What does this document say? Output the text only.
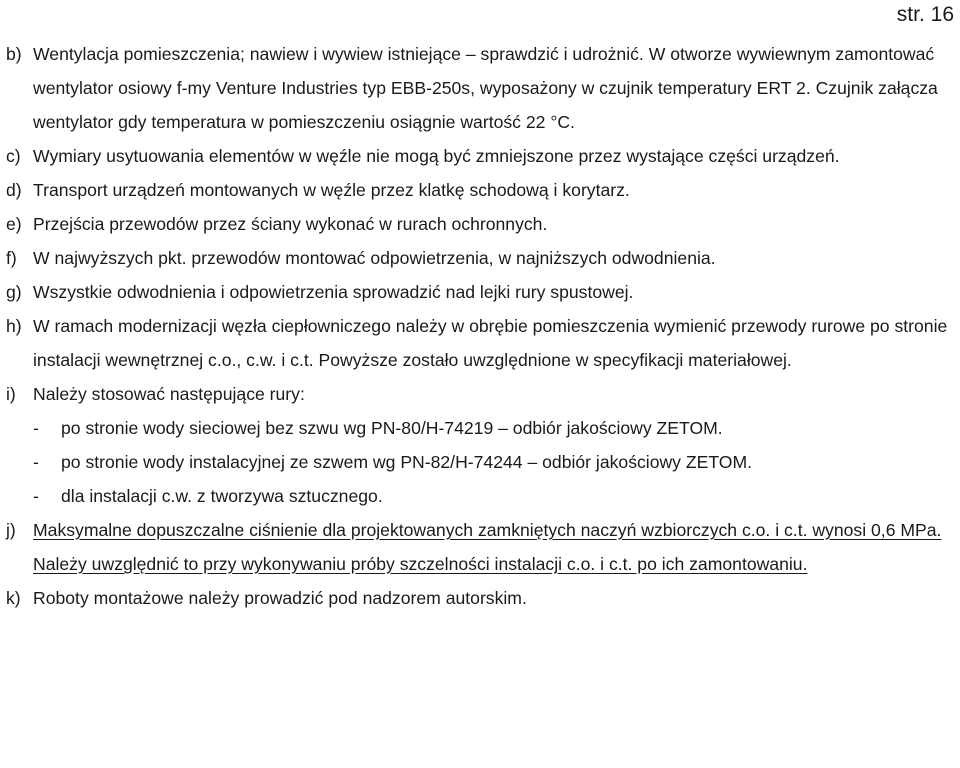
str. 16
b) Wentylacja pomieszczenia; nawiew i wywiew istniejące – sprawdzić i udrożnić. W otworze wywiewnym zamontować wentylator osiowy f-my Venture Industries typ EBB-250s, wyposażony w czujnik temperatury ERT 2. Czujnik załącza wentylator gdy temperatura w pomieszczeniu osiągnie wartość 22 °C.
c) Wymiary usytuowania elementów w węźle nie mogą być zmniejszone przez wystające części urządzeń.
d) Transport urządzeń montowanych w węźle przez klatkę schodową i korytarz.
e) Przejścia przewodów przez ściany wykonać w rurach ochronnych.
f) W najwyższych pkt. przewodów montować odpowietrzenia, w najniższych odwodnienia.
g) Wszystkie odwodnienia i odpowietrzenia sprowadzić nad lejki rury spustowej.
h) W ramach modernizacji węzła ciepłowniczego należy w obrębie pomieszczenia wymienić przewody rurowe po stronie instalacji wewnętrznej c.o., c.w. i c.t. Powyższe zostało uwzględnione w specyfikacji materiałowej.
i) Należy stosować następujące rury:
-	po stronie wody sieciowej bez szwu wg PN-80/H-74219 – odbiór jakościowy ZETOM.
-	po stronie wody instalacyjnej ze szwem wg PN-82/H-74244 – odbiór jakościowy ZETOM.
-	dla instalacji c.w. z tworzywa sztucznego.
j) Maksymalne dopuszczalne ciśnienie dla projektowanych zamkniętych naczyń wzbiorczych c.o. i c.t. wynosi 0,6 MPa. Należy uwzględnić to przy wykonywaniu próby szczelności instalacji c.o. i c.t. po ich zamontowaniu.
k) Roboty montażowe należy prowadzić pod nadzorem autorskim.
